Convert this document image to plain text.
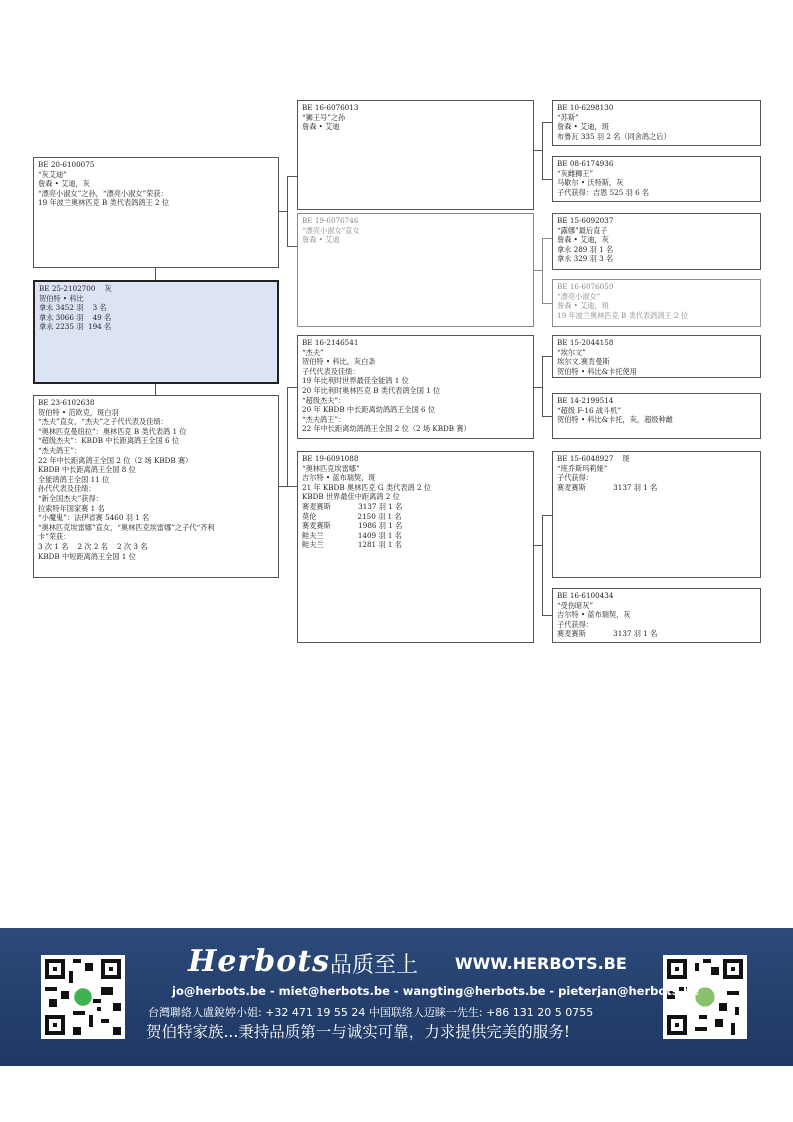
BE 20-6100075
“灰艾迪”
詹森 • 艾迪，灰
“漂亮小淑女”之孙，“漂亮小淑女”荣获：
19 年波兰奥林匹克 B 类代表鸽鸽王 2 位
BE 25-2102700    灰
贺伯特 • 科比
拿永 3452 羽    3 名
拿永 3066 羽    49 名
拿永 2235 羽  194 名
BE 23-6102638
贺伯特 • 范欧克，斑白羽
“杰夫”直女，“杰夫”之子代代表及佳绩：
“奥林匹克曼纽拉”：奥林匹克 B 类代表鸽 1 位
“超级杰夫”：KBDB 中长距离鸽王全国 6 位
“杰夫鸽王”：
22 年中长距离鸽王全国 2 位（2 场 KBDB 赛）
KBDB 中长距离鸽王全国 8 位
全能鸽鸽王全国 11 位
孙代代表及佳绩：
“新全国杰夫”获得：
拉索特年国家赛 1 名
“小魔鬼”：法伊省赛 5460 羽 1 名
“奥林匹克埃雷娜”直女，“奥林匹克埃雷娜”之子代“齐利
卡”荣获：
3 次 1 名    2 次 2 名    2 次 3 名
KBDB 中短距离鸽王全国 1 位
BE 16-6076013
“狮王号”之孙
詹森 • 艾迪
BE 19-6076746
“漂亮小淑女”直女
詹森 • 艾迪
BE 16-2146541
“杰夫”
贺伯特 • 科比，灰白条
子代代表及佳绩：
19 年比利时世界最佳全能鸽 1 位
20 年比利时奥林匹克 B 类代表鸽全国 1 位
“超级杰夫”：
20 年 KBDB 中长距离幼鸽鸽王全国 6 位
“杰夫鸽王”：
22 年中长距离幼鸽鸽王全国 2 位（2 场 KBDB 赛）
BE 19-6091088
“奥林匹克埃雷娜”
吉尔特 • 蓝布瑞契，斑
21 年 KBDB 奥林匹克 G 类代表鸽 2 位
KBDB 世界最佳中距离鸽 2 位
赛麦赛斯            3137 羽 1 名
莫伦                  2150 羽 1 名
赛麦赛斯            1986 羽 1 名
鲑夫兰               1409 羽 1 名
鲑夫兰               1281 羽 1 名
BE 10-6298130
“苏斯”
詹森 • 艾迪，斑
布鲁瓦 335 羽 2 名（同舍鸽之后）
BE 08-6174936
“灰雌狮王”
马歇尔 • 沃特斯，灰
子代获得：吉恩 525 羽 6 名
BE 15-6092037
“露娜”最后直子
詹森 • 艾迪，灰
拿永 289 羽 1 名
拿永 329 羽 3 名
BE 16-6076059
“漂亮小淑女”
詹森 • 艾迪，斑
19 年波兰奥林匹克 B 类代表鸽鸽王 2 位
BE 15-2044158
“埃尔文”
埃尔文.赛肯曼斯
贺伯特 • 科比&卡托使用
BE 14-2199514
“超级 F-16 战斗机”
贺伯特 • 科比&卡托，灰，超级种雌
BE 15-6048927    斑
“班乔斯玛莉娅”
子代获得：
赛麦赛斯            3137 羽 1 名
BE 16-6100434
“受伤暗灰”
吉尔特 • 蓝布瑞契，灰
子代获得：
赛麦赛斯            3137 羽 1 名
Herbots 品质至上 WWW.HERBOTS.BE
jo@herbots.be - miet@herbots.be - wangting@herbots.be - pieterjan@herbots.be
台灣聯絡人盧銳婷小姐: +32 471 19 55 24 中国联络人迈睐一先生: +86 131 20 5 0755
贺伯特家族...秉持品质第一与诚实可靠，力求提供完美的服务!
